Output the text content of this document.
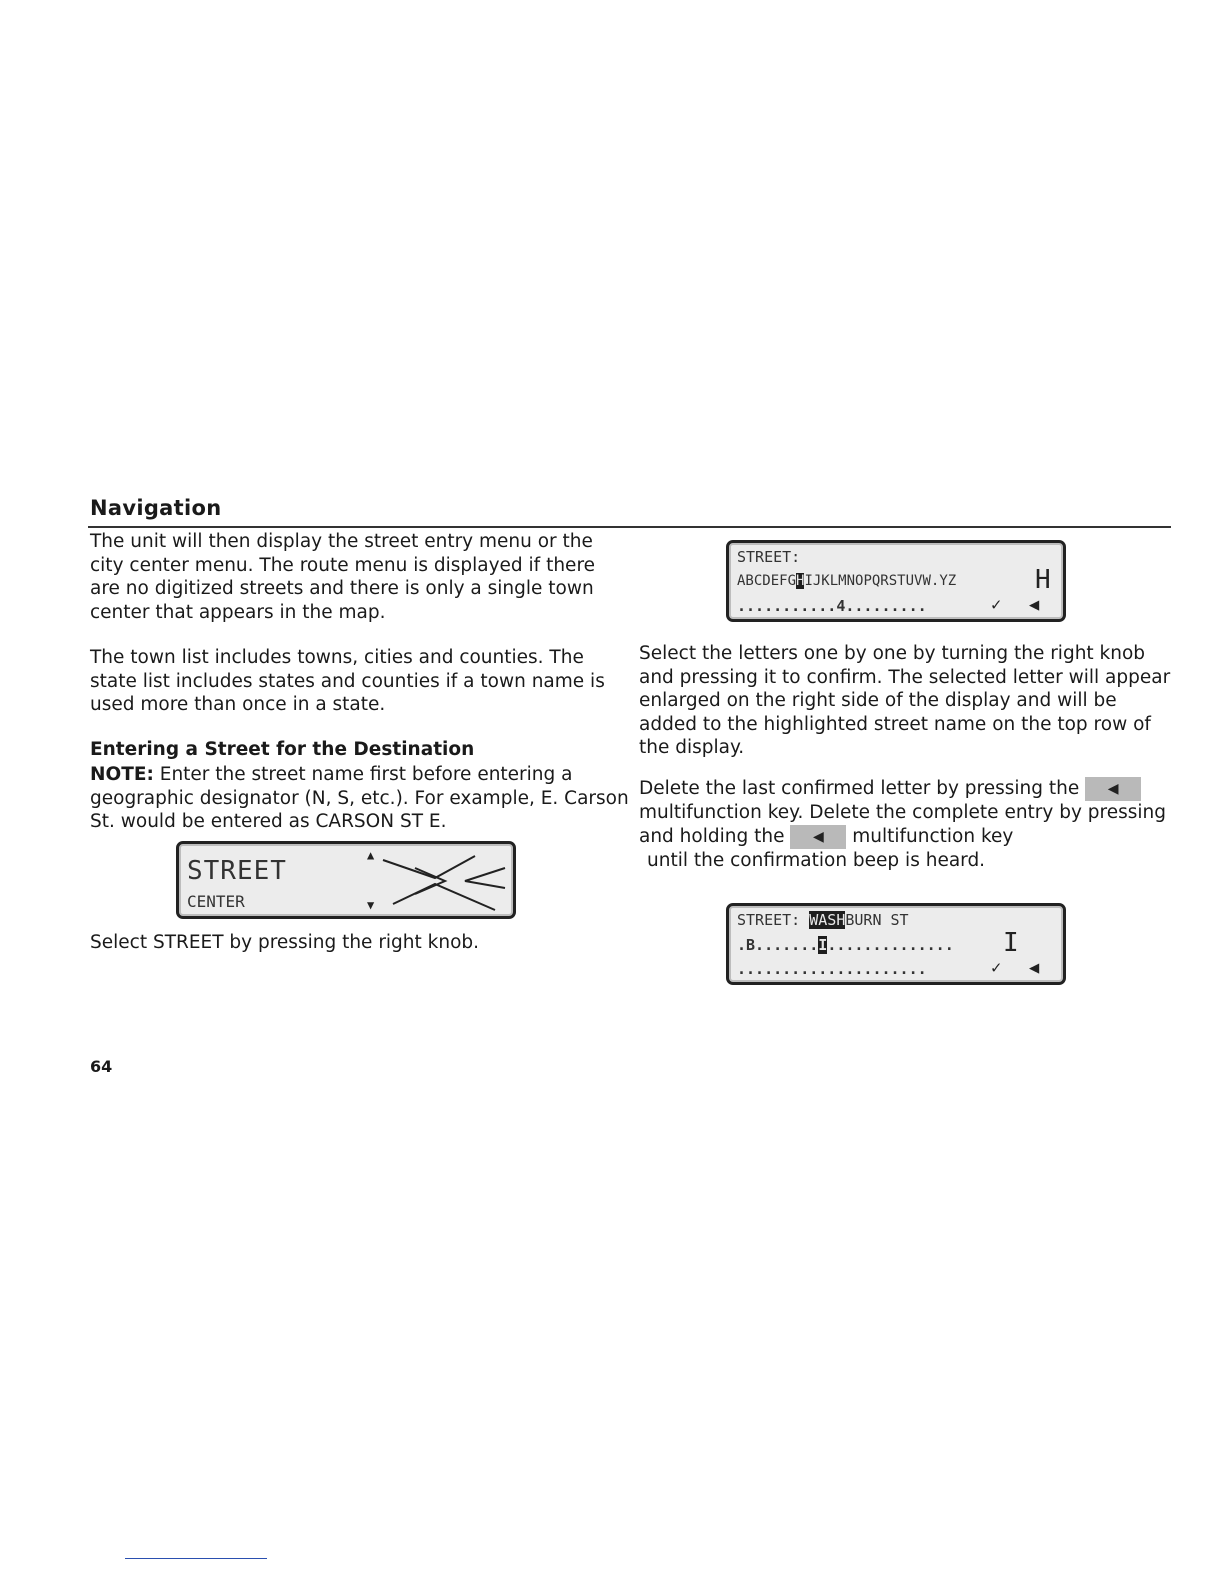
Navigation
The unit will then display the street entry menu or the city center menu. The route menu is displayed if there are no digitized streets and there is only a single town center that appears in the map.
The town list includes towns, cities and counties. The state list includes states and counties if a town name is used more than once in a state.
Entering a Street for the Destination
NOTE: Enter the street name first before entering a geographic designator (N, S, etc.). For example, E. Carson St. would be entered as CARSON ST E.
STREET
CENTER
▲
▼
Select STREET by pressing the right knob.
STREET:
ABCDEFGHIJKLMNOPQRSTUVW.YZ	H
...........4.........	✓ ◀
Select the letters one by one by turning the right knob and pressing it to confirm. The selected letter will appear enlarged on the right side of the display and will be added to the highlighted street name on the top row of the display.
Delete the last confirmed letter by pressing the ◀ multifunction key. Delete the complete entry by pressing and holding the ◀ multifunction key
until the confirmation beep is heard.
STREET: WASHBURN ST
.B.......I.............. I
.....................	✓ ◀
64
